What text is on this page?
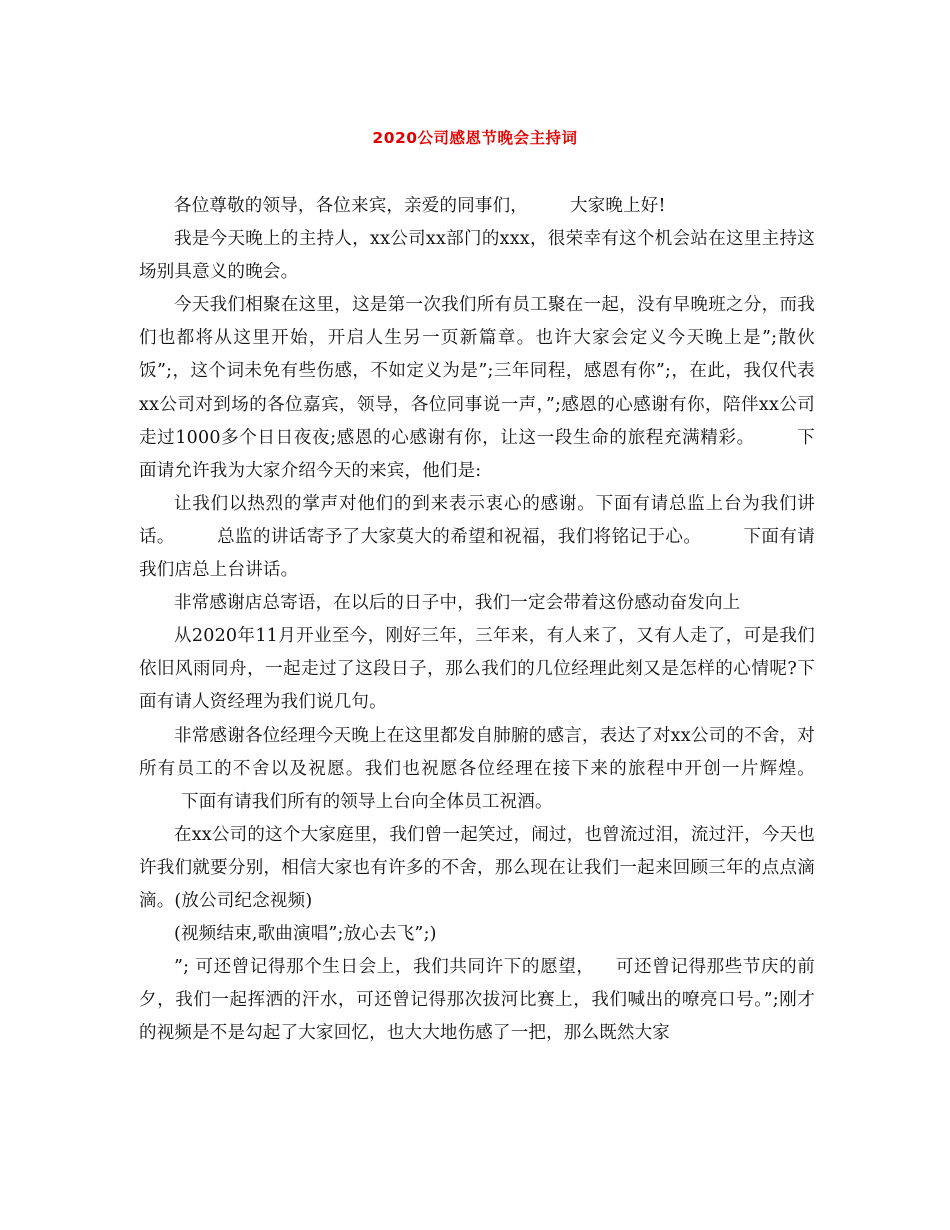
2020公司感恩节晚会主持词

各位尊敬的领导，各位来宾，亲爱的同事们， 大家晚上好!

我是今天晚上的主持人，xx公司xx部门的xxx，很荣幸有这个机会站在这里主持这场别具意义的晚会。

今天我们相聚在这里，这是第一次我们所有员工聚在一起，没有早晚班之分，而我们也都将从这里开始，开启人生另一页新篇章。也许大家会定义今天晚上是”;散伙饭”;，这个词未免有些伤感，不如定义为是”;三年同程，感恩有你”;，在此，我仅代表xx公司对到场的各位嘉宾，领导，各位同事说一声，”;感恩的心感谢有你，陪伴xx公司走过1000多个日日夜夜;感恩的心感谢有你，让这一段生命的旅程充满精彩。 下面请允许我为大家介绍今天的来宾，他们是:

让我们以热烈的掌声对他们的到来表示衷心的感谢。下面有请总监上台为我们讲话。 总监的讲话寄予了大家莫大的希望和祝福，我们将铭记于心。 下面有请我们店总上台讲话。

非常感谢店总寄语，在以后的日子中，我们一定会带着这份感动奋发向上

从2020年11月开业至今，刚好三年，三年来，有人来了，又有人走了，可是我们依旧风雨同舟，一起走过了这段日子，那么我们的几位经理此刻又是怎样的心情呢?下面有请人资经理为我们说几句。

非常感谢各位经理今天晚上在这里都发自肺腑的感言，表达了对xx公司的不舍，对所有员工的不舍以及祝愿。我们也祝愿各位经理在接下来的旅程中开创一片辉煌。下面有请我们所有的领导上台向全体员工祝酒。

在xx公司的这个大家庭里，我们曾一起笑过，闹过，也曾流过泪，流过汗，今天也许我们就要分别，相信大家也有许多的不舍，那么现在让我们一起来回顾三年的点点滴滴。(放公司纪念视频)

(视频结束,歌曲演唱”;放心去飞”;)

”; 可还曾记得那个生日会上，我们共同许下的愿望， 可还曾记得那些节庆的前夕，我们一起挥洒的汗水，可还曾记得那次拔河比赛上，我们喊出的嘹亮口号。”;刚才的视频是不是勾起了大家回忆，也大大地伤感了一把，那么既然大家
